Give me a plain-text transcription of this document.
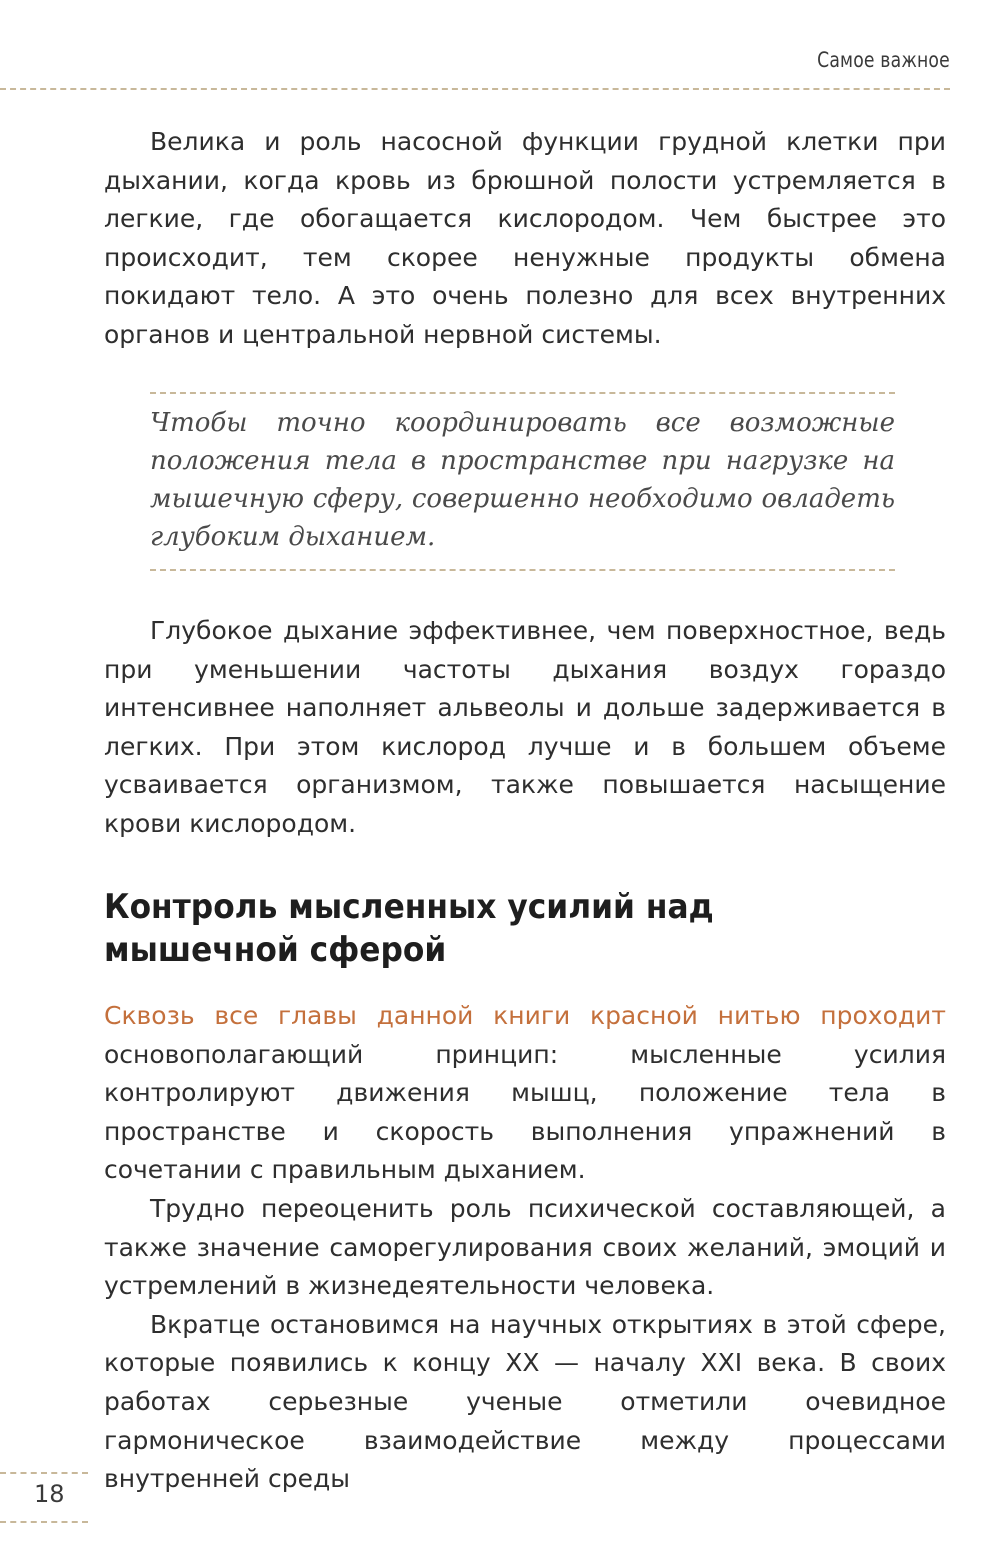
Самое важное

Велика и роль насосной функции грудной клетки при дыхании, когда кровь из брюшной полости устремляется в легкие, где обогащается кислородом. Чем быстрее это происходит, тем скорее ненужные продукты обмена покидают тело. А это очень полезно для всех внутренних органов и центральной нервной системы.

Чтобы точно координировать все возможные положения тела в пространстве при нагрузке на мышечную сферу, совершенно необходимо овладеть глубоким дыханием.

Глубокое дыхание эффективнее, чем поверхностное, ведь при уменьшении частоты дыхания воздух гораздо интенсивнее наполняет альвеолы и дольше задерживается в легких. При этом кислород лучше и в большем объеме усваивается организмом, также повышается насыщение крови кислородом.

Контроль мысленных усилий над мышечной сферой

Сквозь все главы данной книги красной нитью проходит основополагающий принцип: мысленные усилия контролируют движения мышц, положение тела в пространстве и скорость выполнения упражнений в сочетании с правильным дыханием.

Трудно переоценить роль психической составляющей, а также значение саморегулирования своих желаний, эмоций и устремлений в жизнедеятельности человека.

Вкратце остановимся на научных открытиях в этой сфере, которые появились к концу XX — началу XXI века. В своих работах серьезные ученые отметили очевидное гармоническое взаимодействие между процессами внутренней среды

18
